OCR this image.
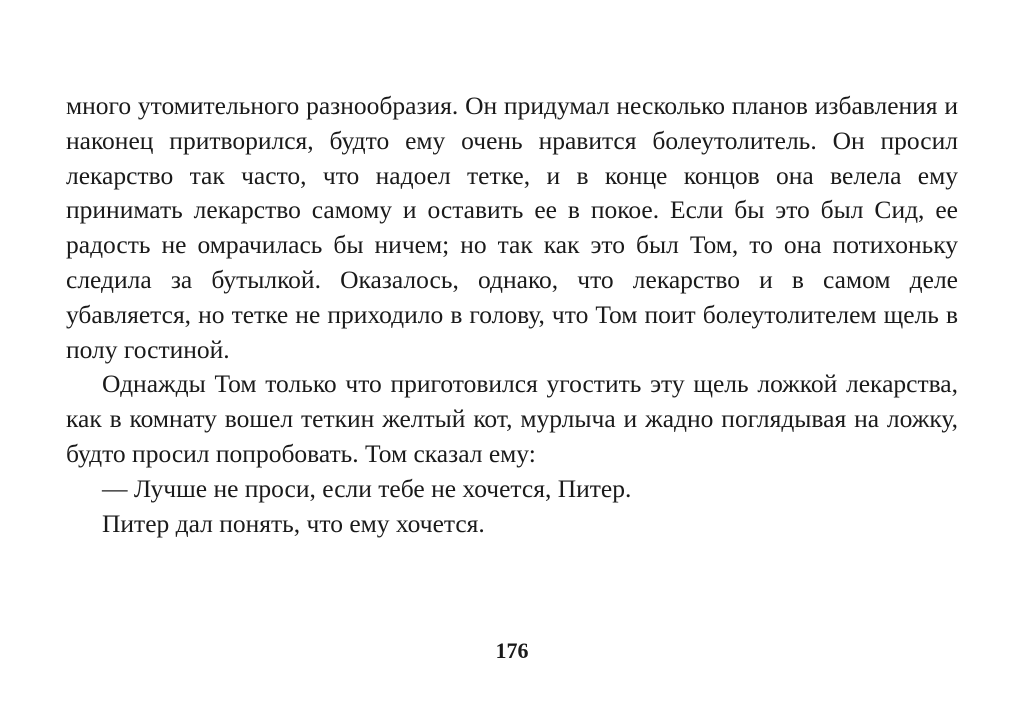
много утомительного разнообразия. Он придумал несколько планов избавления и наконец притворился, будто ему очень нравится болеутолитель. Он просил лекарство так часто, что надоел тетке, и в конце концов она велела ему принимать лекарство самому и оставить ее в покое. Если бы это был Сид, ее радость не омрачилась бы ничем; но так как это был Том, то она потихоньку следила за бутылкой. Оказалось, однако, что лекарство и в самом деле убавляется, но тетке не приходило в голову, что Том поит болеутолителем щель в полу гостиной.

Однажды Том только что приготовился угостить эту щель ложкой лекарства, как в комнату вошел теткин желтый кот, мурлыча и жадно поглядывая на ложку, будто просил попробовать. Том сказал ему:

— Лучше не проси, если тебе не хочется, Питер.

Питер дал понять, что ему хочется.

176
